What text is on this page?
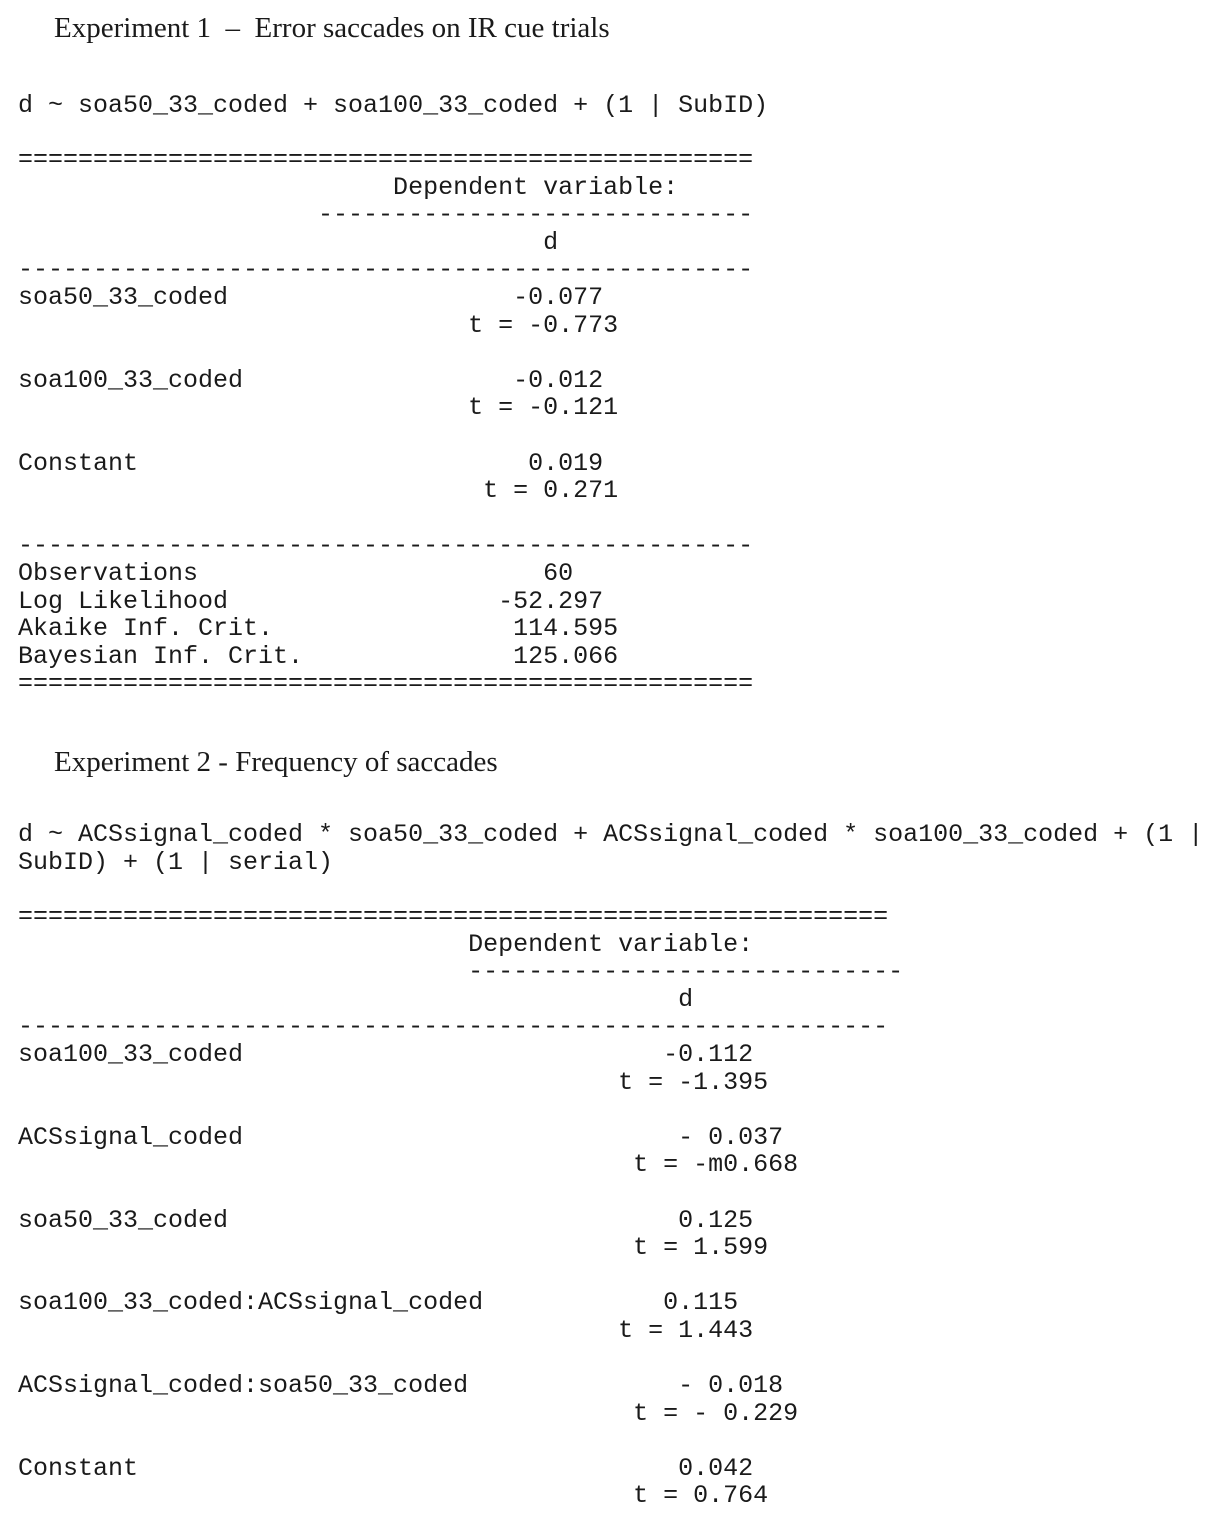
Experiment 1  –  Error saccades on IR cue trials
d ~ soa50_33_coded + soa100_33_coded + (1 | SubID)
=================================================
Dependent variable:
-----------------------------
d
-------------------------------------------------
soa50_33_coded                   -0.077
t = -0.773
soa100_33_coded                  -0.012
t = -0.121
Constant                          0.019
t = 0.271
-------------------------------------------------
Observations                       60
Log Likelihood                  -52.297
Akaike Inf. Crit.                114.595
Bayesian Inf. Crit.              125.066
=================================================
Experiment 2 - Frequency of saccades
d ~ ACSsignal_coded * soa50_33_coded + ACSsignal_coded * soa100_33_coded + (1 |
SubID) + (1 | serial)
==========================================================
Dependent variable:
-----------------------------
d
----------------------------------------------------------
soa100_33_coded                            -0.112
t = -1.395
ACSsignal_coded                             - 0.037
t = -m0.668
soa50_33_coded                              0.125
t = 1.599
soa100_33_coded:ACSsignal_coded            0.115
t = 1.443
ACSsignal_coded:soa50_33_coded              - 0.018
t = - 0.229
Constant                                    0.042
t = 0.764
